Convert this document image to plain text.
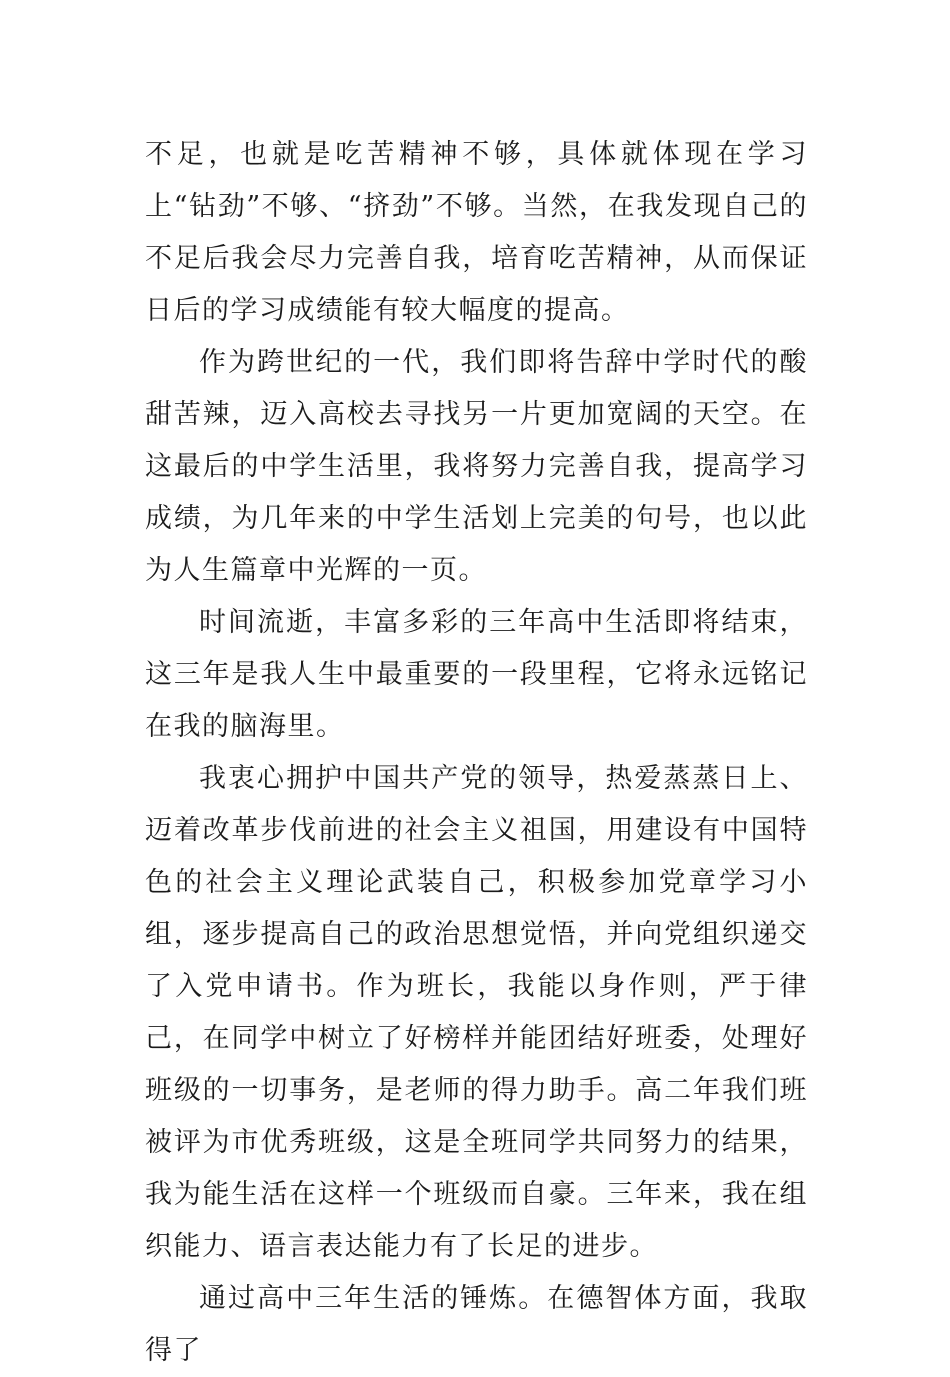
不足，也就是吃苦精神不够，具体就体现在学习上“钻劲”不够、“挤劲”不够。当然，在我发现自己的不足后我会尽力完善自我，培育吃苦精神，从而保证日后的学习成绩能有较大幅度的提高。

作为跨世纪的一代，我们即将告辞中学时代的酸甜苦辣，迈入高校去寻找另一片更加宽阔的天空。在这最后的中学生活里，我将努力完善自我，提高学习成绩，为几年来的中学生活划上完美的句号，也以此为人生篇章中光辉的一页。

时间流逝，丰富多彩的三年高中生活即将结束，这三年是我人生中最重要的一段里程，它将永远铭记在我的脑海里。

我衷心拥护中国共产党的领导，热爱蒸蒸日上、迈着改革步伐前进的社会主义祖国，用建设有中国特色的社会主义理论武装自己，积极参加党章学习小组，逐步提高自己的政治思想觉悟，并向党组织递交了入党申请书。作为班长，我能以身作则，严于律己，在同学中树立了好榜样并能团结好班委，处理好班级的一切事务，是老师的得力助手。高二年我们班被评为市优秀班级，这是全班同学共同努力的结果，我为能生活在这样一个班级而自豪。三年来，我在组织能力、语言表达能力有了长足的进步。

通过高中三年生活的锤炼。在德智体方面，我取得了
